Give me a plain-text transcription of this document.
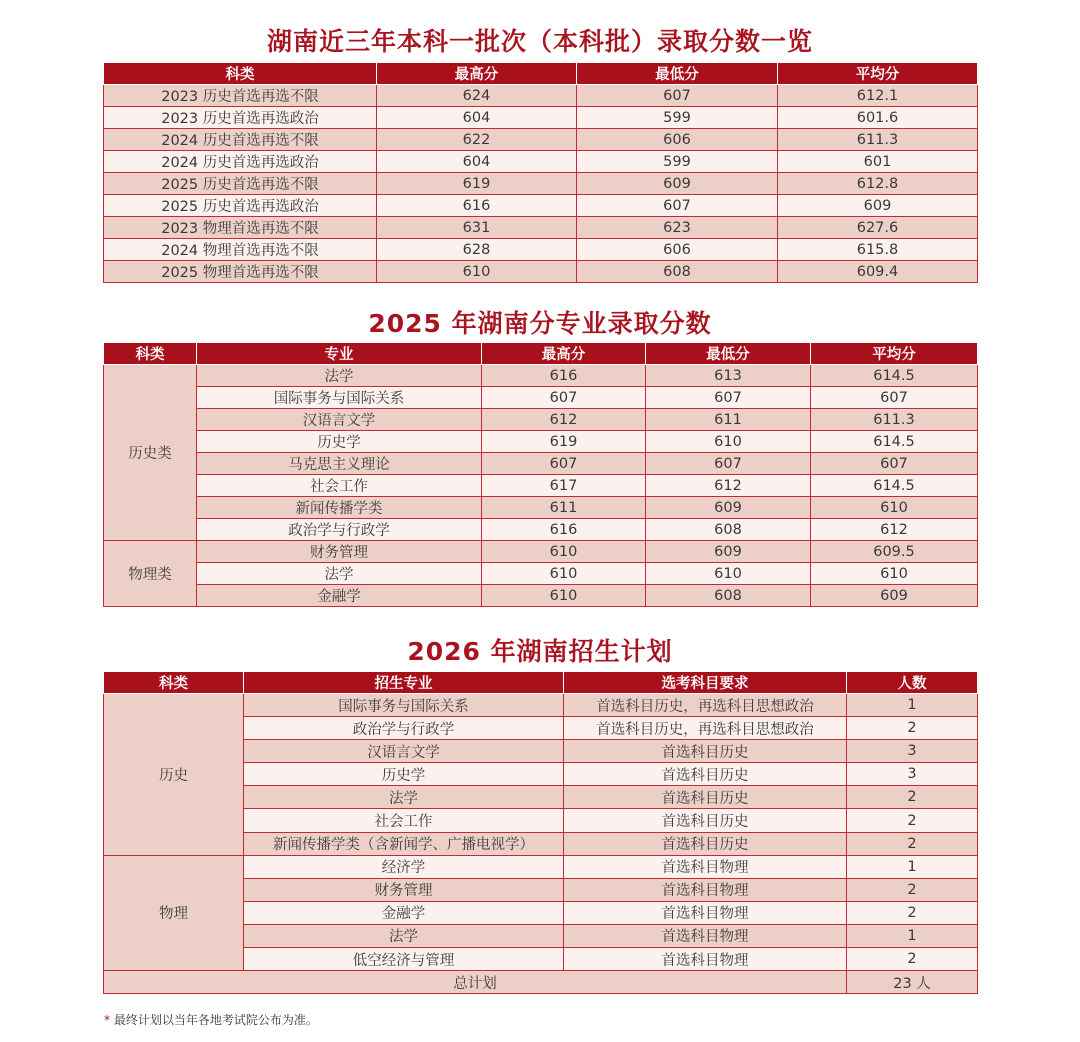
湖南近三年本科一批次（本科批）录取分数一览
科类	最高分	最低分	平均分
2023 历史首选再选不限	624	607	612.1
2023 历史首选再选政治	604	599	601.6
2024 历史首选再选不限	622	606	611.3
2024 历史首选再选政治	604	599	601
2025 历史首选再选不限	619	609	612.8
2025 历史首选再选政治	616	607	609
2023 物理首选再选不限	631	623	627.6
2024 物理首选再选不限	628	606	615.8
2025 物理首选再选不限	610	608	609.4
2025 年湖南分专业录取分数
科类	专业	最高分	最低分	平均分
历史类	法学	616	613	614.5
	国际事务与国际关系	607	607	607
	汉语言文学	612	611	611.3
	历史学	619	610	614.5
	马克思主义理论	607	607	607
	社会工作	617	612	614.5
	新闻传播学类	611	609	610
	政治学与行政学	616	608	612
物理类	财务管理	610	609	609.5
	法学	610	610	610
	金融学	610	608	609
2026 年湖南招生计划
科类	招生专业	选考科目要求	人数
历史	国际事务与国际关系	首选科目历史，再选科目思想政治	1
	政治学与行政学	首选科目历史，再选科目思想政治	2
	汉语言文学	首选科目历史	3
	历史学	首选科目历史	3
	法学	首选科目历史	2
	社会工作	首选科目历史	2
	新闻传播学类（含新闻学、广播电视学）	首选科目历史	2
物理	经济学	首选科目物理	1
	财务管理	首选科目物理	2
	金融学	首选科目物理	2
	法学	首选科目物理	1
	低空经济与管理	首选科目物理	2
总计划			23 人
* 最终计划以当年各地考试院公布为准。
